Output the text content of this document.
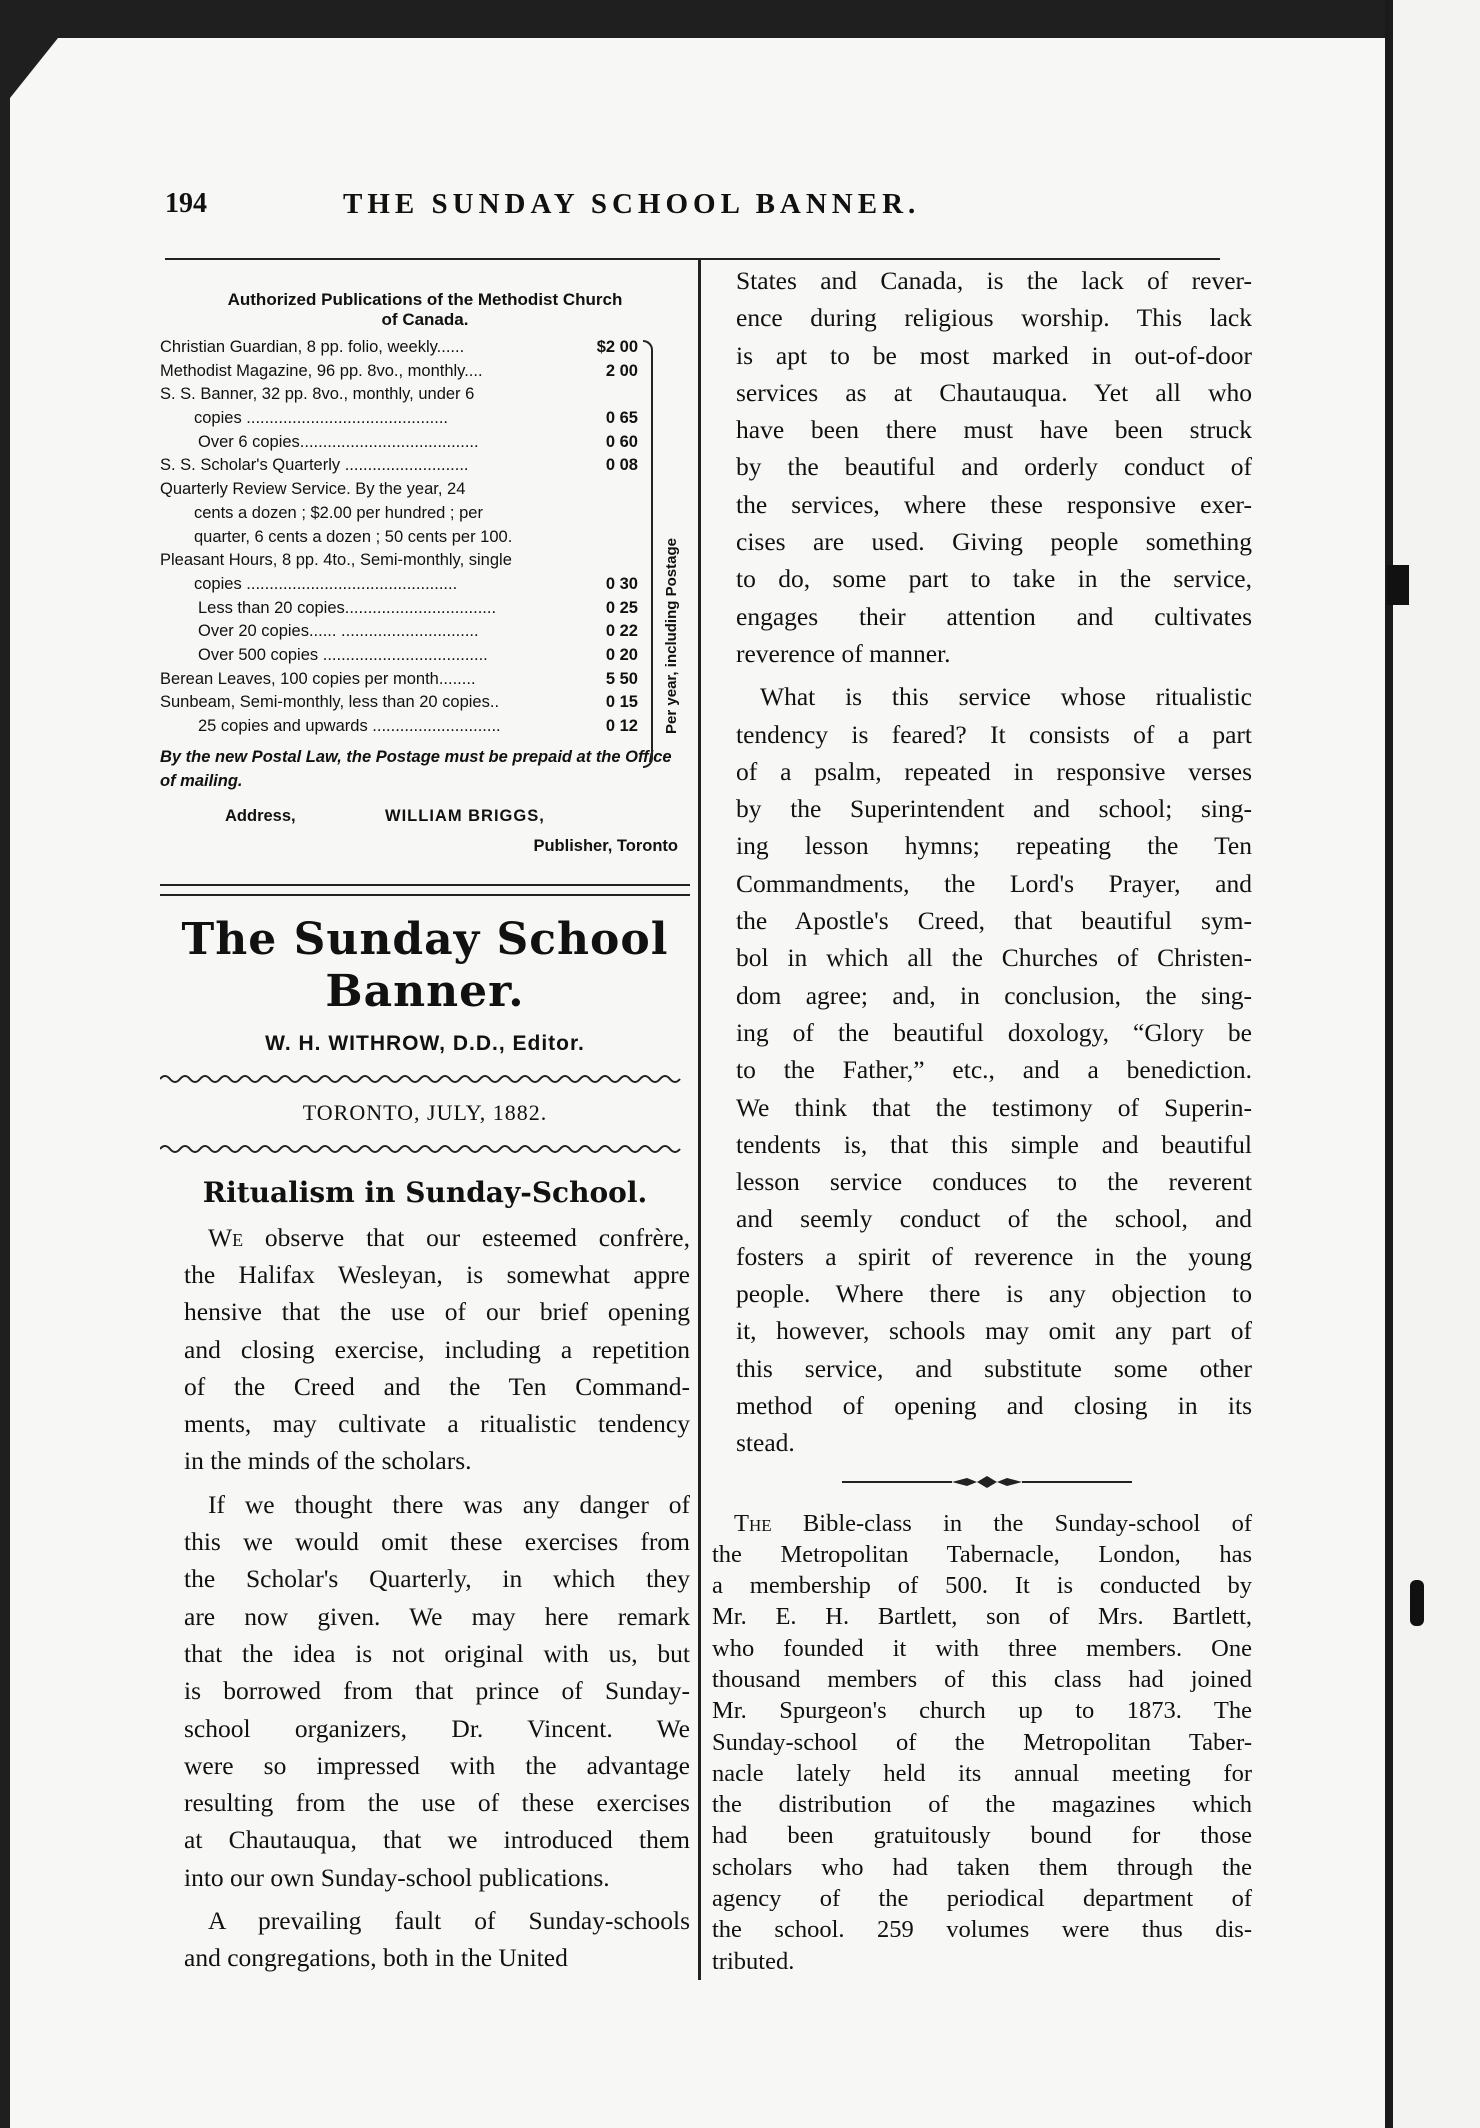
194	THE SUNDAY SCHOOL BANNER.
Authorized Publications of the Methodist Church
of Canada.
Per year, including Postage
Christian Guardian, 8 pp. folio, weekly......	$2 00
Methodist Magazine, 96 pp. 8vo., monthly....	2 00
S. S. Banner, 32 pp. 8vo., monthly, under 6
copies ............................................	0 65
Over 6 copies.......................................	0 60
S. S. Scholar's Quarterly ...........................	0 08
Quarterly Review Service. By the year, 24
cents a dozen ; $2.00 per hundred ; per
quarter, 6 cents a dozen ; 50 cents per 100.
Pleasant Hours, 8 pp. 4to., Semi-monthly, single
copies ..............................................	0 30
Less than 20 copies.................................	0 25
Over 20 copies...... ..............................	0 22
Over 500 copies ....................................	0 20
Berean Leaves, 100 copies per month........	5 50
Sunbeam, Semi-monthly, less than 20 copies..	0 15
25 copies and upwards ............................	0 12
By the new Postal Law, the Postage must be prepaid at the Office of mailing.
Address,	WILLIAM BRIGGS,
Publisher, Toronto
The Sunday School Banner.
W. H. WITHROW, D.D., Editor.
TORONTO, JULY, 1882.
Ritualism in Sunday-School.

We observe that our esteemed confrère,
the Halifax Wesleyan, is somewhat appre
hensive that the use of our brief opening
and closing exercise, including a repetition
of the Creed and the Ten Command-
ments, may cultivate a ritualistic tendency
in the minds of the scholars.

If we thought there was any danger of
this we would omit these exercises from
the Scholar's Quarterly, in which they
are now given. We may here remark
that the idea is not original with us, but
is borrowed from that prince of Sunday-
school organizers, Dr. Vincent. We
were so impressed with the advantage
resulting from the use of these exercises
at Chautauqua, that we introduced them
into our own Sunday-school publications.

A prevailing fault of Sunday-schools
and congregations, both in the United

States and Canada, is the lack of rever-
ence during religious worship. This lack
is apt to be most marked in out-of-door
services as at Chautauqua. Yet all who
have been there must have been struck
by the beautiful and orderly conduct of
the services, where these responsive exer-
cises are used. Giving people something
to do, some part to take in the service,
engages their attention and cultivates
reverence of manner.

What is this service whose ritualistic
tendency is feared? It consists of a part
of a psalm, repeated in responsive verses
by the Superintendent and school; sing-
ing lesson hymns; repeating the Ten
Commandments, the Lord's Prayer, and
the Apostle's Creed, that beautiful sym-
bol in which all the Churches of Christen-
dom agree; and, in conclusion, the sing-
ing of the beautiful doxology, “Glory be
to the Father,” etc., and a benediction.
We think that the testimony of Superin-
tendents is, that this simple and beautiful
lesson service conduces to the reverent
and seemly conduct of the school, and
fosters a spirit of reverence in the young
people. Where there is any objection to
it, however, schools may omit any part of
this service, and substitute some other
method of opening and closing in its
stead.

The Bible-class in the Sunday-school of
the Metropolitan Tabernacle, London, has
a membership of 500. It is conducted by
Mr. E. H. Bartlett, son of Mrs. Bartlett,
who founded it with three members. One
thousand members of this class had joined
Mr. Spurgeon's church up to 1873. The
Sunday-school of the Metropolitan Taber-
nacle lately held its annual meeting for
the distribution of the magazines which
had been gratuitously bound for those
scholars who had taken them through the
agency of the periodical department of
the school. 259 volumes were thus dis-
tributed.
